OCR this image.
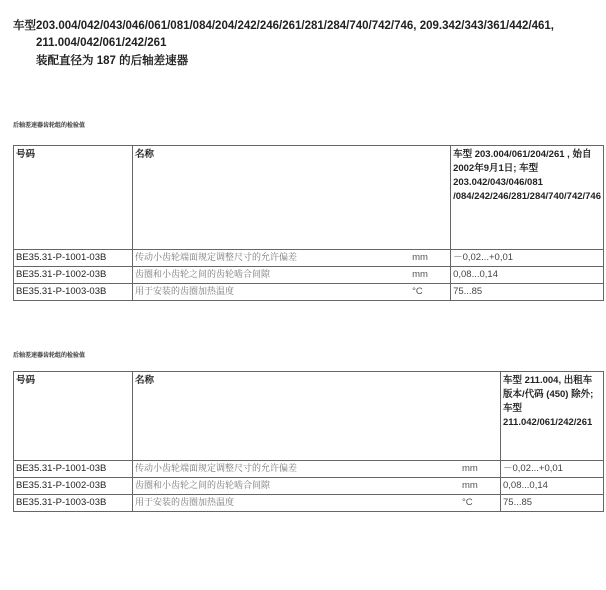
车型203.004/042/043/046/061/081/084/204/242/246/261/281/284/740/742/746, 209.342/343/361/442/461,
211.004/042/061/242/261
装配直径为 187 的后轴差速器
后轴差速器齿轮组的检验值
号码	名称		车型 203.004/061/204/261 , 始自2002年9月1日; 车型 203.042/043/046/081 /084/242/246/281/284/740/742/746
BE35.31-P-1001-03B	传动小齿轮端面规定调整尺寸的允许偏差	mm	－0,02...+0,01
BE35.31-P-1002-03B	齿圈和小齿轮之间的齿轮啮合间隙	mm	0,08...0,14
BE35.31-P-1003-03B	用于安装的齿圈加热温度	°C	75...85
后轴差速器齿轮组的检验值
号码	名称		车型 211.004, 出租车版本/代码 (450) 除外; 车型 211.042/061/242/261
BE35.31-P-1001-03B	传动小齿轮端面规定调整尺寸的允许偏差	mm	－0,02...+0,01
BE35.31-P-1002-03B	齿圈和小齿轮之间的齿轮啮合间隙	mm	0,08...0,14
BE35.31-P-1003-03B	用于安装的齿圈加热温度	°C	75...85
